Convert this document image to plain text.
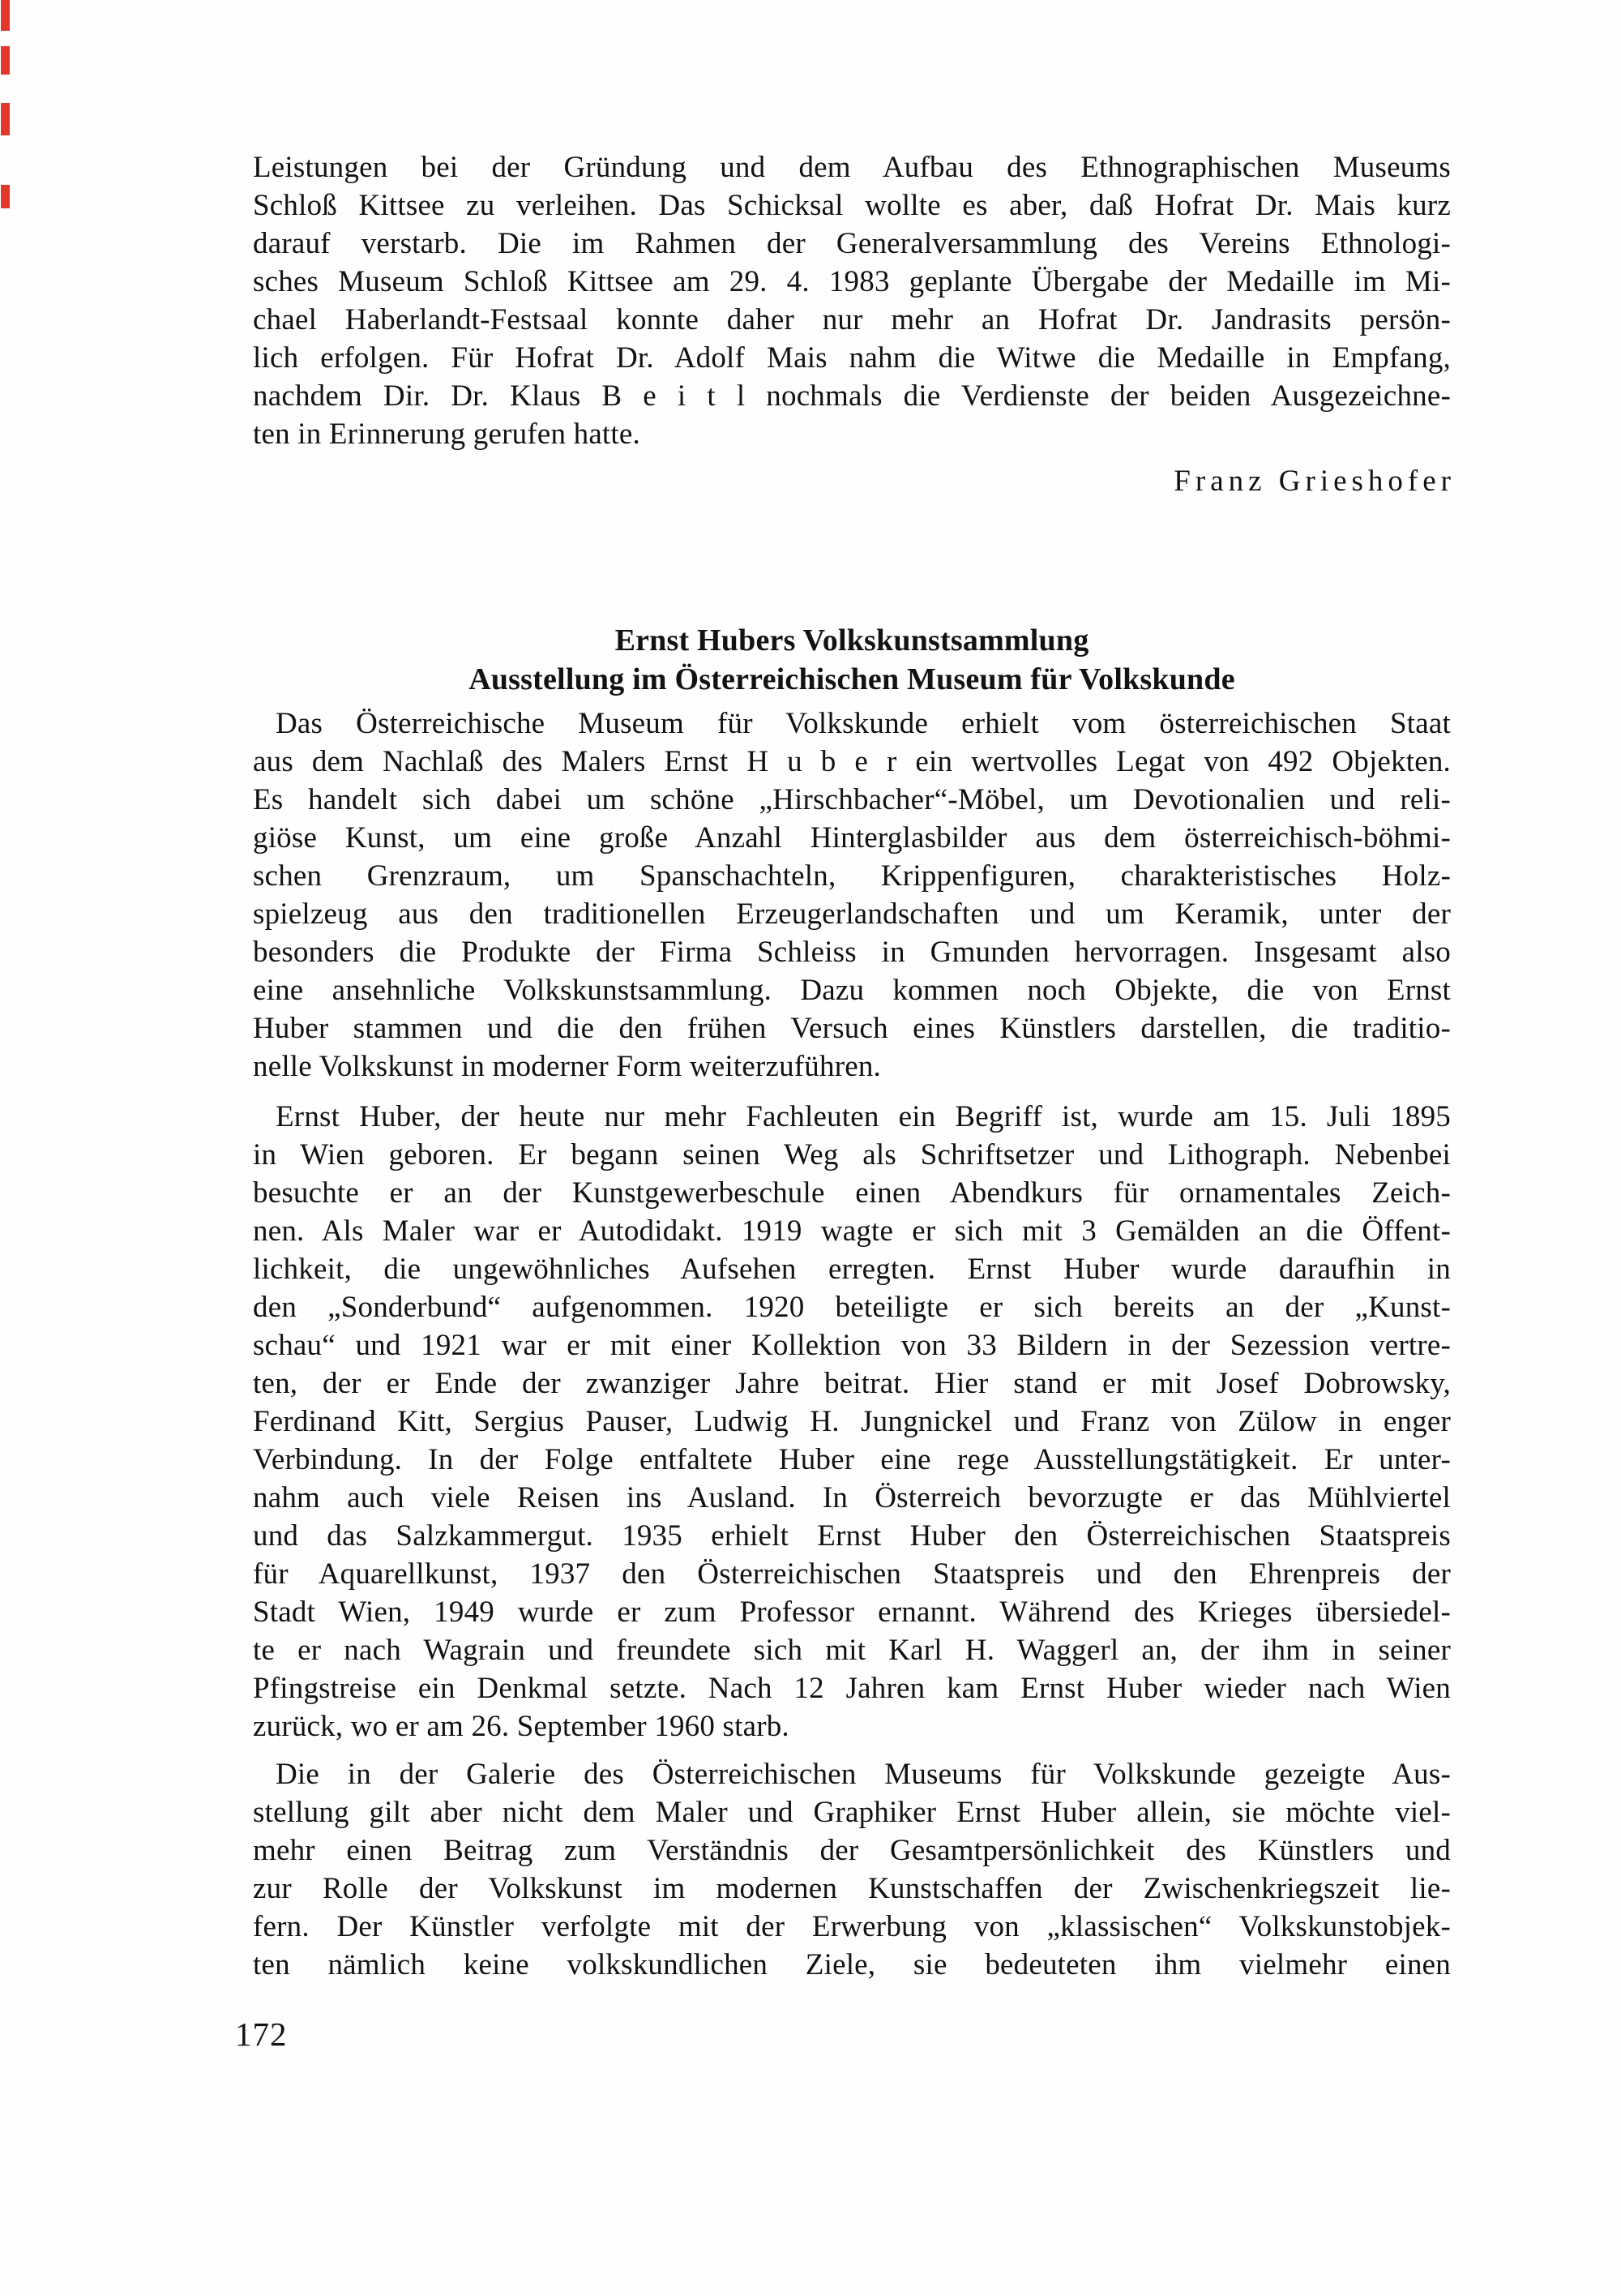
Leistungen bei der Gründung und dem Aufbau des Ethnographischen Museums
Schloß Kittsee zu verleihen. Das Schicksal wollte es aber, daß Hofrat Dr. Mais kurz
darauf verstarb. Die im Rahmen der Generalversammlung des Vereins Ethnologi-
sches Museum Schloß Kittsee am 29. 4. 1983 geplante Übergabe der Medaille im Mi-
chael Haberlandt-Festsaal konnte daher nur mehr an Hofrat Dr. Jandrasits persön-
lich erfolgen. Für Hofrat Dr. Adolf Mais nahm die Witwe die Medaille in Empfang,
nachdem Dir. Dr. Klaus B e i t l nochmals die Verdienste der beiden Ausgezeichne-
ten in Erinnerung gerufen hatte.
Franz Grieshofer
Ernst Hubers Volkskunstsammlung
Ausstellung im Österreichischen Museum für Volkskunde
Das Österreichische Museum für Volkskunde erhielt vom österreichischen Staat
aus dem Nachlaß des Malers Ernst H u b e r ein wertvolles Legat von 492 Objekten.
Es handelt sich dabei um schöne „Hirschbacher“-Möbel, um Devotionalien und reli-
giöse Kunst, um eine große Anzahl Hinterglasbilder aus dem österreichisch-böhmi-
schen Grenzraum, um Spanschachteln, Krippenfiguren, charakteristisches Holz-
spielzeug aus den traditionellen Erzeugerlandschaften und um Keramik, unter der
besonders die Produkte der Firma Schleiss in Gmunden hervorragen. Insgesamt also
eine ansehnliche Volkskunstsammlung. Dazu kommen noch Objekte, die von Ernst
Huber stammen und die den frühen Versuch eines Künstlers darstellen, die traditio-
nelle Volkskunst in moderner Form weiterzuführen.
Ernst Huber, der heute nur mehr Fachleuten ein Begriff ist, wurde am 15. Juli 1895
in Wien geboren. Er begann seinen Weg als Schriftsetzer und Lithograph. Nebenbei
besuchte er an der Kunstgewerbeschule einen Abendkurs für ornamentales Zeich-
nen. Als Maler war er Autodidakt. 1919 wagte er sich mit 3 Gemälden an die Öffent-
lichkeit, die ungewöhnliches Aufsehen erregten. Ernst Huber wurde daraufhin in
den „Sonderbund“ aufgenommen. 1920 beteiligte er sich bereits an der „Kunst-
schau“ und 1921 war er mit einer Kollektion von 33 Bildern in der Sezession vertre-
ten, der er Ende der zwanziger Jahre beitrat. Hier stand er mit Josef Dobrowsky,
Ferdinand Kitt, Sergius Pauser, Ludwig H. Jungnickel und Franz von Zülow in enger
Verbindung. In der Folge entfaltete Huber eine rege Ausstellungstätigkeit. Er unter-
nahm auch viele Reisen ins Ausland. In Österreich bevorzugte er das Mühlviertel
und das Salzkammergut. 1935 erhielt Ernst Huber den Österreichischen Staatspreis
für Aquarellkunst, 1937 den Österreichischen Staatspreis und den Ehrenpreis der
Stadt Wien, 1949 wurde er zum Professor ernannt. Während des Krieges übersiedel-
te er nach Wagrain und freundete sich mit Karl H. Waggerl an, der ihm in seiner
Pfingstreise ein Denkmal setzte. Nach 12 Jahren kam Ernst Huber wieder nach Wien
zurück, wo er am 26. September 1960 starb.
Die in der Galerie des Österreichischen Museums für Volkskunde gezeigte Aus-
stellung gilt aber nicht dem Maler und Graphiker Ernst Huber allein, sie möchte viel-
mehr einen Beitrag zum Verständnis der Gesamtpersönlichkeit des Künstlers und
zur Rolle der Volkskunst im modernen Kunstschaffen der Zwischenkriegszeit lie-
fern. Der Künstler verfolgte mit der Erwerbung von „klassischen“ Volkskunstobjek-
ten nämlich keine volkskundlichen Ziele, sie bedeuteten ihm vielmehr einen
172
